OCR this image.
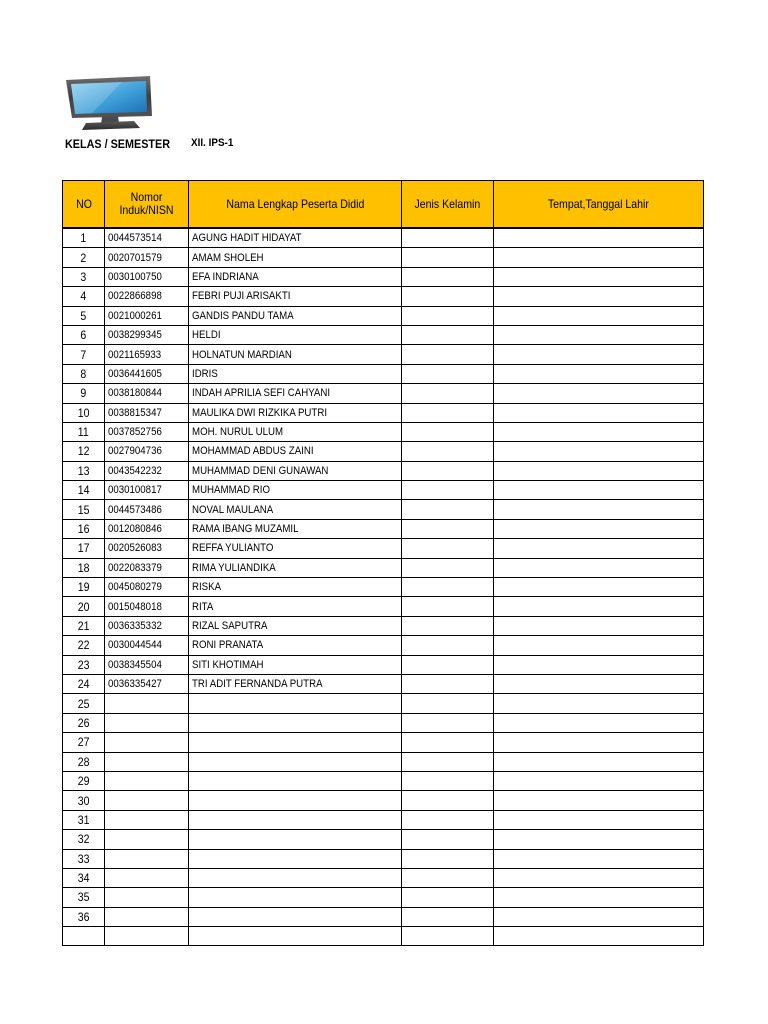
KELAS / SEMESTER XII. IPS-1
NO	Nomor Induk/NISN	Nama Lengkap Peserta Didid	Jenis Kelamin	Tempat,Tanggal Lahir
1	0044573514	AGUNG HADIT HIDAYAT		
2	0020701579	AMAM SHOLEH		
3	0030100750	EFA INDRIANA		
4	0022866898	FEBRI PUJI ARISAKTI		
5	0021000261	GANDIS PANDU TAMA		
6	0038299345	HELDI		
7	0021165933	HOLNATUN MARDIAN		
8	0036441605	IDRIS		
9	0038180844	INDAH APRILIA SEFI CAHYANI		
10	0038815347	MAULIKA DWI RIZKIKA PUTRI		
11	0037852756	MOH. NURUL ULUM		
12	0027904736	MOHAMMAD ABDUS ZAINI		
13	0043542232	MUHAMMAD DENI GUNAWAN		
14	0030100817	MUHAMMAD RIO		
15	0044573486	NOVAL MAULANA		
16	0012080846	RAMA IBANG MUZAMIL		
17	0020526083	REFFA YULIANTO		
18	0022083379	RIMA YULIANDIKA		
19	0045080279	RISKA		
20	0015048018	RITA		
21	0036335332	RIZAL SAPUTRA		
22	0030044544	RONI PRANATA		
23	0038345504	SITI KHOTIMAH		
24	0036335427	TRI ADIT FERNANDA PUTRA		
25				
26				
27				
28				
29				
30				
31				
32				
33				
34				
35				
36				
